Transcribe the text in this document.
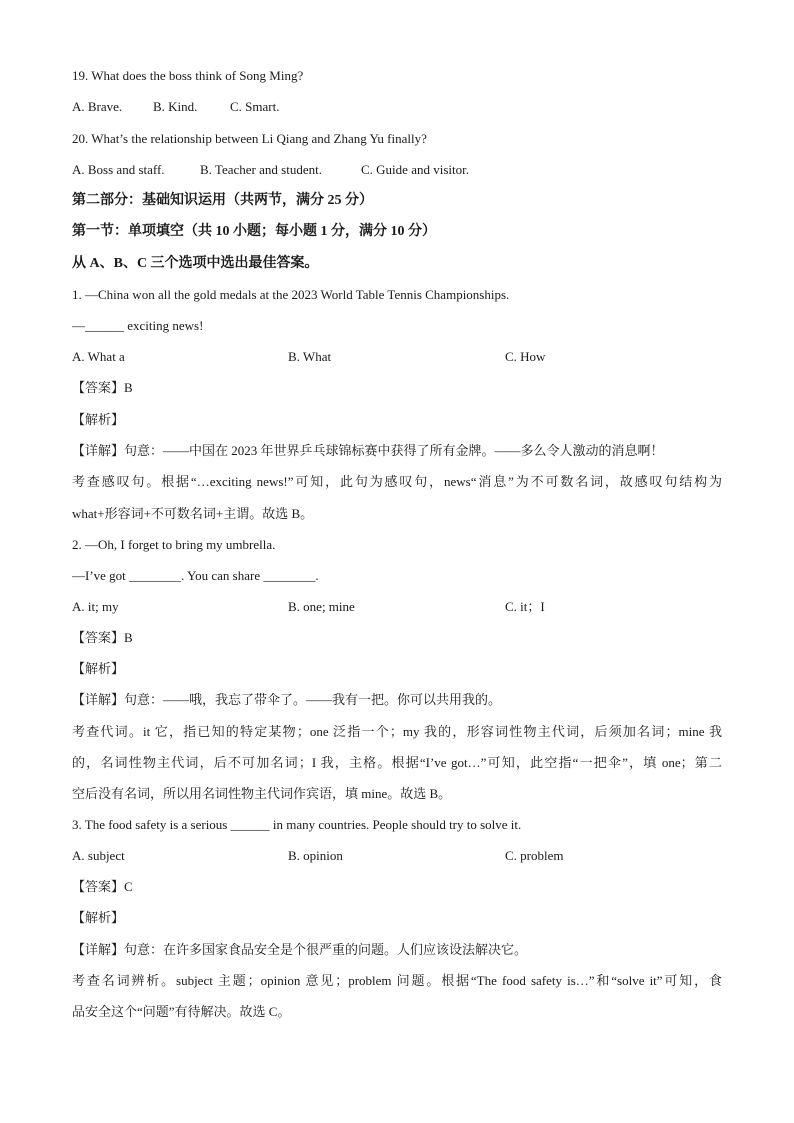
19. What does the boss think of Song Ming?
A. Brave. B. Kind.	C. Smart.
20. What’s the relationship between Li Qiang and Zhang Yu finally?
A. Boss and staff.	B. Teacher and student.	C. Guide and visitor.
第二部分：基础知识运用（共两节，满分 25 分）
第一节：单项填空（共 10 小题；每小题 1 分，满分 10 分）
从 A、B、C 三个选项中选出最佳答案。
1. —China won all the gold medals at the 2023 World Table Tennis Championships.
—______ exciting news!
A. What a	B. What	C. How
【答案】B
【解析】
【详解】句意：——中国在 2023 年世界乒乓球锦标赛中获得了所有金牌。——多么令人激动的消息啊！
考查感叹句。根据“…exciting news!”可知，此句为感叹句，news“消息”为不可数名词，故感叹句结构为
what+形容词+不可数名词+主谓。故选 B。
2. —Oh, I forget to bring my umbrella.
—I’ve got ________. You can share ________.
A. it; my	B. one; mine	C. it；I
【答案】B
【解析】
【详解】句意：——哦，我忘了带伞了。——我有一把。你可以共用我的。
考查代词。it 它，指已知的特定某物；one 泛指一个；my 我的，形容词性物主代词，后须加名词；mine 我
的，名词性物主代词，后不可加名词；I 我，主格。根据“I’ve got…”可知，此空指“一把伞”，填 one；第二
空后没有名词，所以用名词性物主代词作宾语，填 mine。故选 B。
3. The food safety is a serious ______ in many countries. People should try to solve it.
A. subject	B. opinion	C. problem
【答案】C
【解析】
【详解】句意：在许多国家食品安全是个很严重的问题。人们应该设法解决它。
考查名词辨析。subject 主题；opinion 意见；problem 问题。根据“The food safety is…”和“solve it”可知，食
品安全这个“问题”有待解决。故选 C。
